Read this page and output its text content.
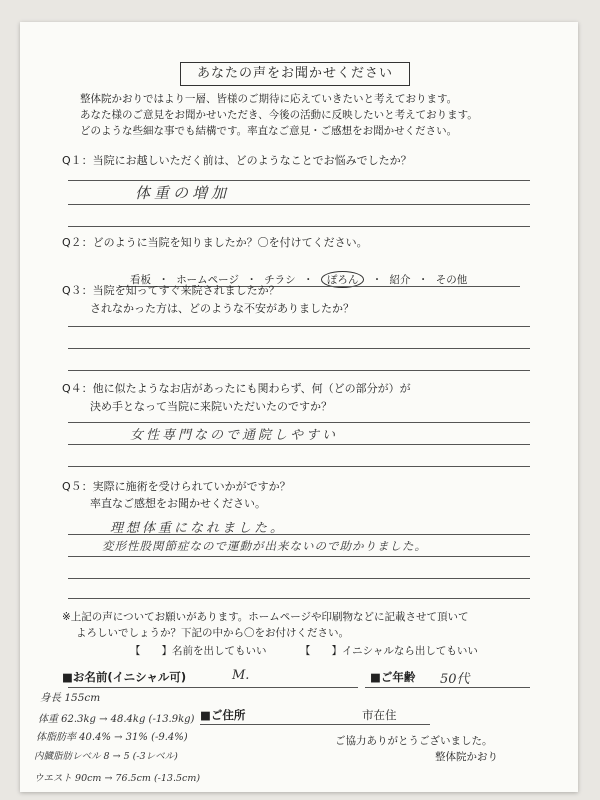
あなたの声をお聞かせください
整体院かおりではより一層、皆様のご期待に応えていきたいと考えております。
あなた様のご意見をお聞かせいただき、今後の活動に反映したいと考えております。
どのような些細な事でも結構です。率直なご意見・ご感想をお聞かせください。
Q１：当院にお越しいただく前は、どのようなことでお悩みでしたか？
体重の増加
Q２：どのように当院を知りましたか？〇を付けてください。
看板 ・ ホームページ ・ チラシ ・ ぽろん ・ 紹介 ・ その他
Q３：当院を知ってすぐ来院されましたか？
されなかった方は、どのような不安がありましたか？
Q４：他に似たようなお店があったにも関わらず、何（どの部分が）が
決め手となって当院に来院いただいたのですか？
女性専門なので通院しやすい
Q５：実際に施術を受けられていかがですか？
率直なご感想をお聞かせください。
理想体重になれました。
変形性股関節症なので運動が出来ないので助かりました。
※上記の声についてお願いがあります。ホームページや印刷物などに記載させて頂いて
よろしいでしょうか？下記の中から〇をお付けください。
【　　】名前を出してもいい	【　　】イニシャルなら出してもいい
■お名前(イニシャル可)	M.	■ご年齢 50代
身長 155cm
体重 62.3kg → 48.4kg (-13.9kg) ■ご住所	市在住
体脂肪率 40.4% → 31% (-9.4%)	ご協力ありがとうございました。
内臓脂肪レベル 8 → 5 (-3レベル)	整体院かおり
ウエスト 90cm → 76.5cm (-13.5cm)
